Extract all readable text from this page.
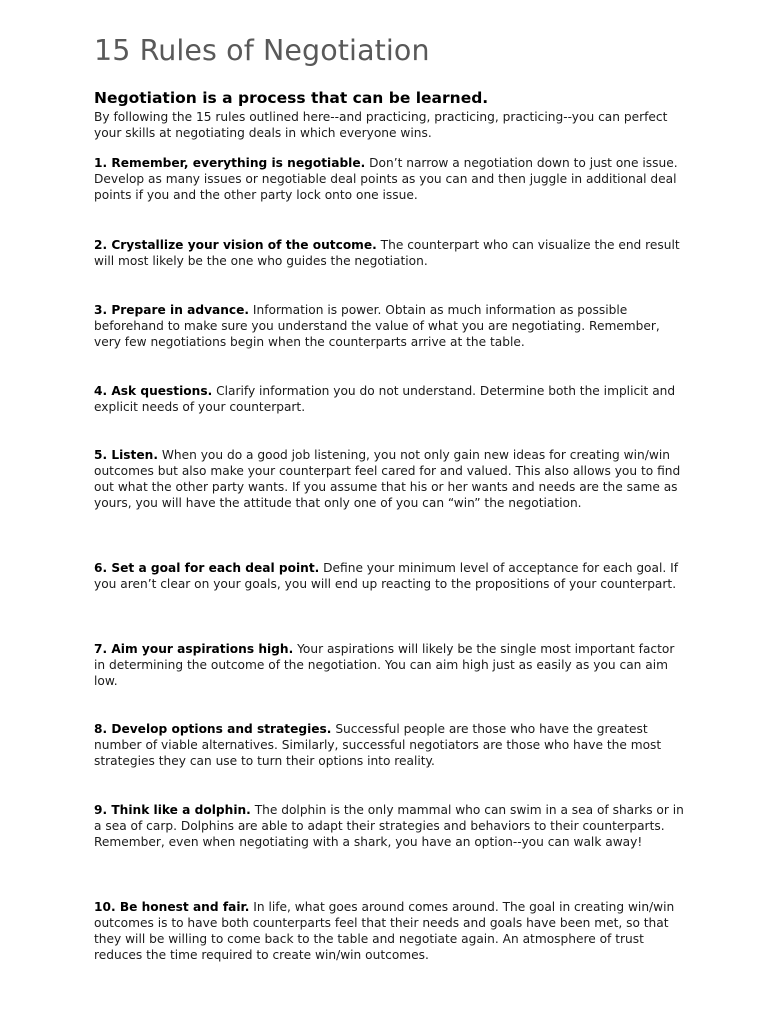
15 Rules of Negotiation
Negotiation is a process that can be learned.

By following the 15 rules outlined here--and practicing, practicing, practicing--you can perfect your skills at negotiating deals in which everyone wins.

1. Remember, everything is negotiable. Don’t narrow a negotiation down to just one issue. Develop as many issues or negotiable deal points as you can and then juggle in additional deal points if you and the other party lock onto one issue.

2. Crystallize your vision of the outcome. The counterpart who can visualize the end result will most likely be the one who guides the negotiation.

3. Prepare in advance. Information is power. Obtain as much information as possible beforehand to make sure you understand the value of what you are negotiating. Remember, very few negotiations begin when the counterparts arrive at the table.

4. Ask questions. Clarify information you do not understand. Determine both the implicit and explicit needs of your counterpart.

5. Listen. When you do a good job listening, you not only gain new ideas for creating win/win outcomes but also make your counterpart feel cared for and valued. This also allows you to find out what the other party wants. If you assume that his or her wants and needs are the same as yours, you will have the attitude that only one of you can “win” the negotiation.

6. Set a goal for each deal point. Define your minimum level of acceptance for each goal. If you aren’t clear on your goals, you will end up reacting to the propositions of your counterpart.

7. Aim your aspirations high. Your aspirations will likely be the single most important factor in determining the outcome of the negotiation. You can aim high just as easily as you can aim low.

8. Develop options and strategies. Successful people are those who have the greatest number of viable alternatives. Similarly, successful negotiators are those who have the most strategies they can use to turn their options into reality.

9. Think like a dolphin. The dolphin is the only mammal who can swim in a sea of sharks or in a sea of carp. Dolphins are able to adapt their strategies and behaviors to their counterparts. Remember, even when negotiating with a shark, you have an option--you can walk away!

10. Be honest and fair. In life, what goes around comes around. The goal in creating win/win outcomes is to have both counterparts feel that their needs and goals have been met, so that they will be willing to come back to the table and negotiate again. An atmosphere of trust reduces the time required to create win/win outcomes.
